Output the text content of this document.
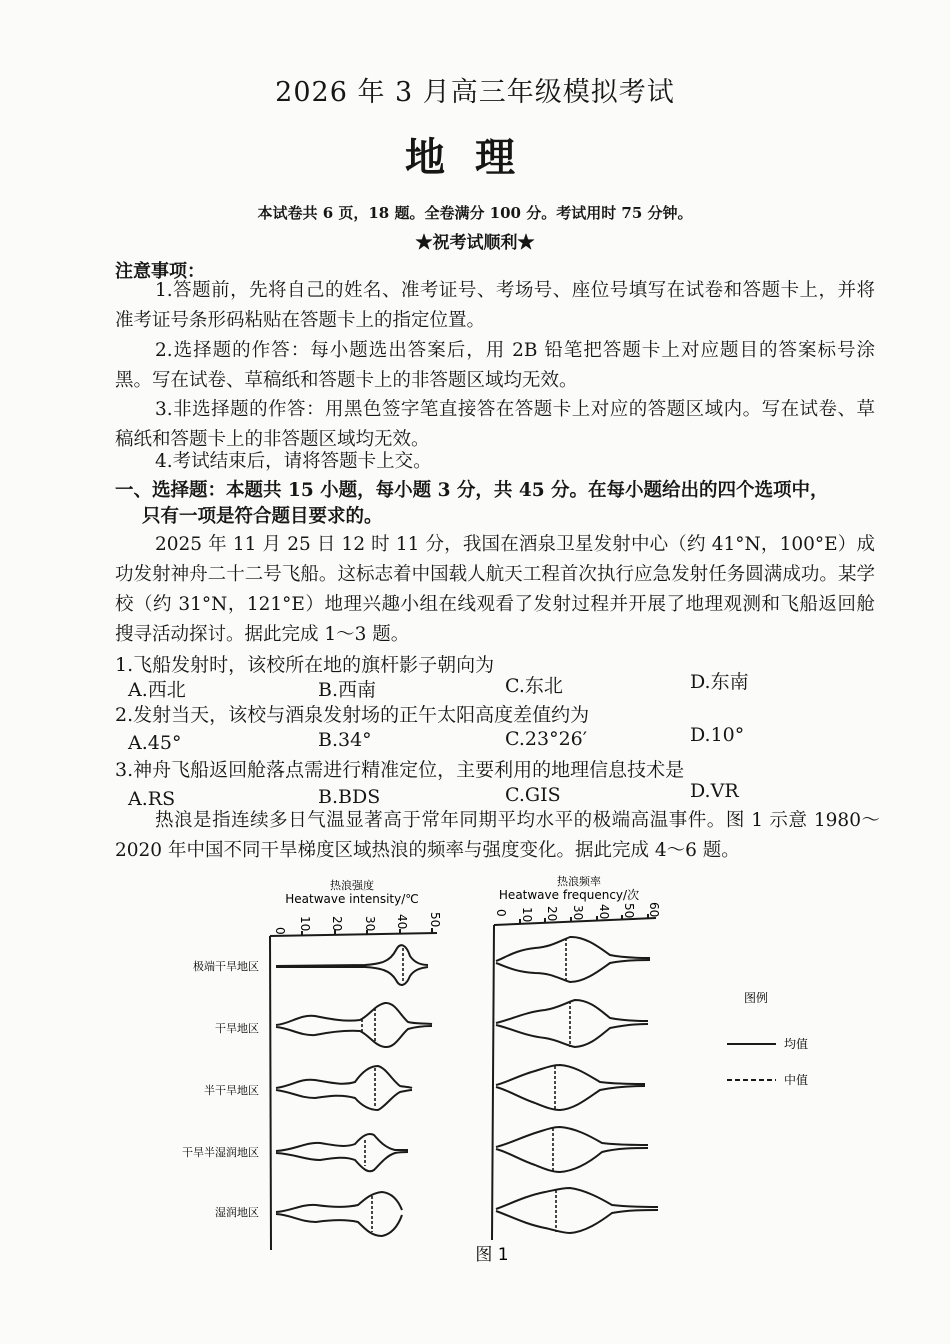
2026 年 3 月高三年级模拟考试
地理
本试卷共 6 页，18 题。全卷满分 100 分。考试用时 75 分钟。
★祝考试顺利★
注意事项：
1.答题前，先将自己的姓名、准考证号、考场号、座位号填写在试卷和答题卡上，并将准考证号条形码粘贴在答题卡上的指定位置。
2.选择题的作答：每小题选出答案后，用 2B 铅笔把答题卡上对应题目的答案标号涂黑。写在试卷、草稿纸和答题卡上的非答题区域均无效。
3.非选择题的作答：用黑色签字笔直接答在答题卡上对应的答题区域内。写在试卷、草稿纸和答题卡上的非答题区域均无效。
4.考试结束后，请将答题卡上交。
一、选择题：本题共 15 小题，每小题 3 分，共 45 分。在每小题给出的四个选项中，
只有一项是符合题目要求的。
2025 年 11 月 25 日 12 时 11 分，我国在酒泉卫星发射中心（约 41°N，100°E）成功发射神舟二十二号飞船。这标志着中国载人航天工程首次执行应急发射任务圆满成功。某学校（约 31°N，121°E）地理兴趣小组在线观看了发射过程并开展了地理观测和飞船返回舱搜寻活动探讨。据此完成 1～3 题。
1.飞船发射时，该校所在地的旗杆影子朝向为
A.西北	B.西南	C.东北	D.东南
2.发射当天，该校与酒泉发射场的正午太阳高度差值约为
A.45°	B.34°	C.23°26′	D.10°
3.神舟飞船返回舱落点需进行精准定位，主要利用的地理信息技术是
A.RS	B.BDS	C.GIS	D.VR
热浪是指连续多日气温显著高于常年同期平均水平的极端高温事件。图 1 示意 1980～2020 年中国不同干旱梯度区域热浪的频率与强度变化。据此完成 4～6 题。
热浪强度
Heatwave intensity/℃
热浪频率
Heatwave frequency/次
0 10 20 30 40 50	0 10 20 30 40 50 60
极端干旱地区
干旱地区
半干旱地区
干旱半湿润地区
湿润地区
图例
均值
中值
图 1
